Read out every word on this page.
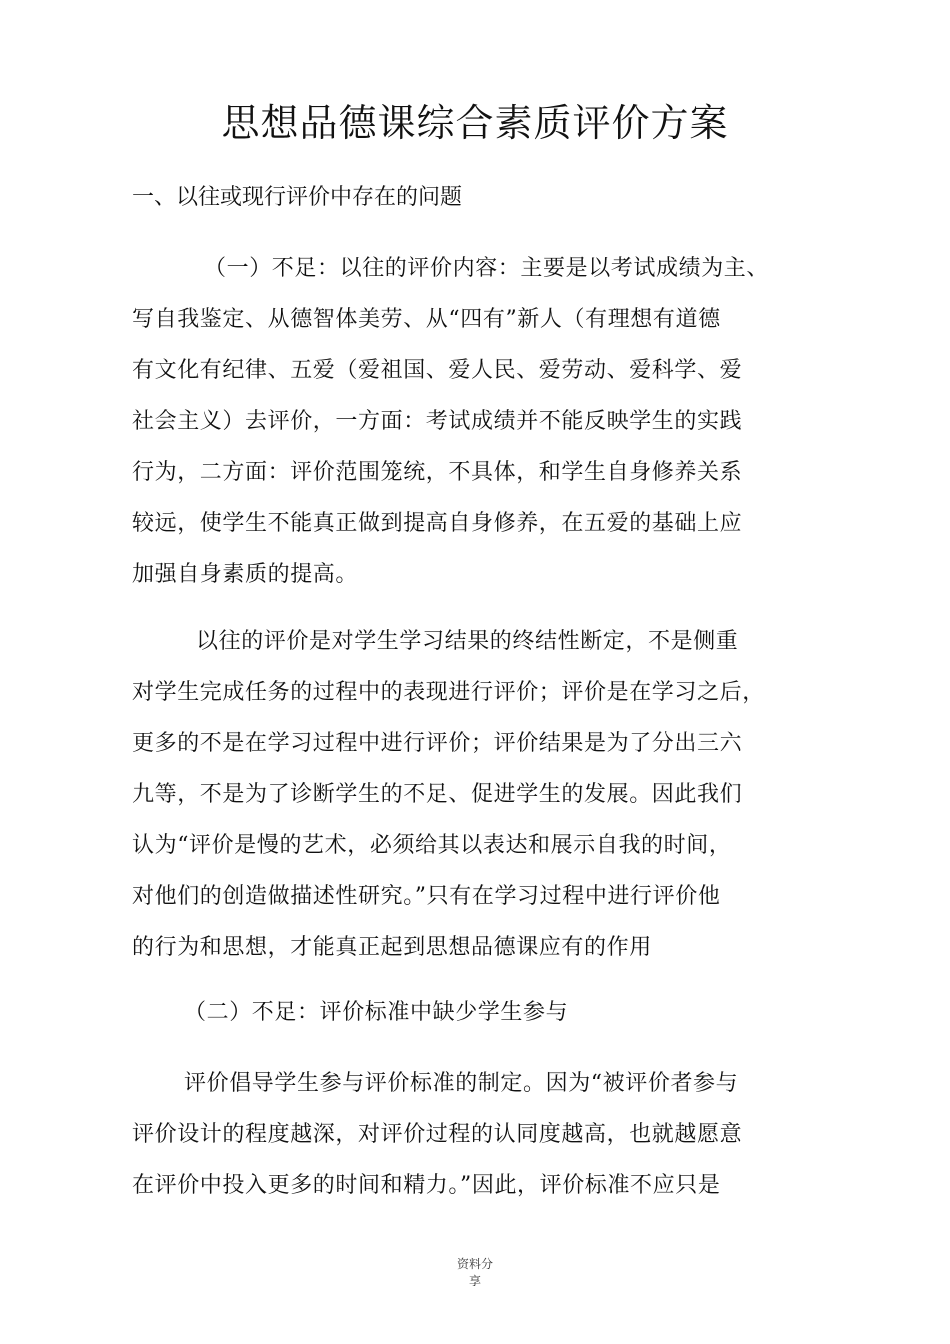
思想品德课综合素质评价方案
一、以往或现行评价中存在的问题
（一）不足：以往的评价内容：主要是以考试成绩为主、
写自我鉴定、从德智体美劳、从“四有”新人（有理想有道德
有文化有纪律、五爱（爱祖国、爱人民、爱劳动、爱科学、爱
社会主义）去评价，一方面：考试成绩并不能反映学生的实践
行为，二方面：评价范围笼统，不具体，和学生自身修养关系
较远，使学生不能真正做到提高自身修养，在五爱的基础上应
加强自身素质的提高。
以往的评价是对学生学习结果的终结性断定，不是侧重
对学生完成任务的过程中的表现进行评价；评价是在学习之后，
更多的不是在学习过程中进行评价；评价结果是为了分出三六
九等，不是为了诊断学生的不足、促进学生的发展。因此我们
认为“评价是慢的艺术，必须给其以表达和展示自我的时间，
对他们的创造做描述性研究。”只有在学习过程中进行评价他
的行为和思想，才能真正起到思想品德课应有的作用
（二）不足：评价标准中缺少学生参与
评价倡导学生参与评价标准的制定。因为“被评价者参与
评价设计的程度越深，对评价过程的认同度越高，也就越愿意
在评价中投入更多的时间和精力。”因此，评价标准不应只是
资料分
享
